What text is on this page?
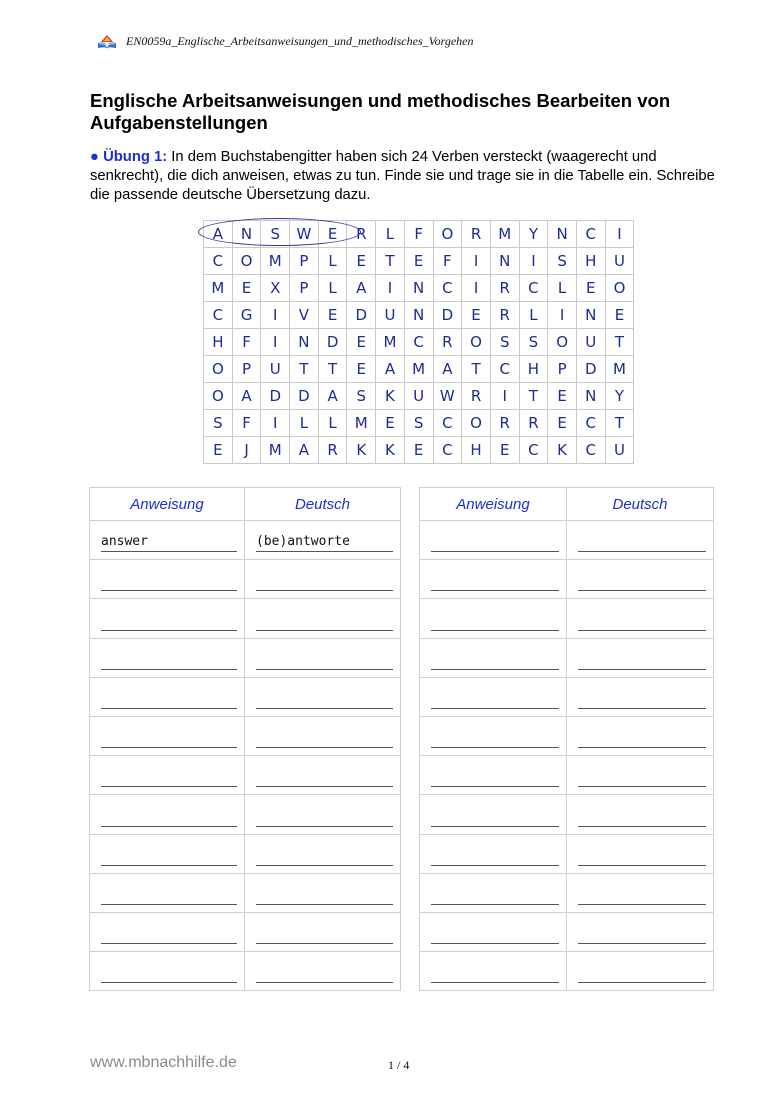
EN0059a_Englische_Arbeitsanweisungen_und_methodisches_Vorgehen
Englische Arbeitsanweisungen und methodisches Bearbeiten von Aufgabenstellungen

● Übung 1: In dem Buchstabengitter haben sich 24 Verben versteckt (waagerecht und senkrecht), die dich anweisen, etwas zu tun. Finde sie und trage sie in die Tabelle ein. Schreibe die passende deutsche Übersetzung dazu.

A	N	S	W	E	R	L	F	O	R	M	Y	N	C	I
C	O	M	P	L	E	T	E	F	I	N	I	S	H	U
M	E	X	P	L	A	I	N	C	I	R	C	L	E	O
C	G	I	V	E	D	U	N	D	E	R	L	I	N	E
H	F	I	N	D	E	M	C	R	O	S	S	O	U	T
O	P	U	T	T	E	A	M	A	T	C	H	P	D	M
O	A	D	D	A	S	K	U	W	R	I	T	E	N	Y
S	F	I	L	L	M	E	S	C	O	R	R	E	C	T
E	J	M	A	R	K	K	E	C	H	E	C	K	C	U
Anweisung	Deutsch

answer	(be)antworte

Anweisung	Deutsch

www.mbnachhilfe.de	1 / 4
